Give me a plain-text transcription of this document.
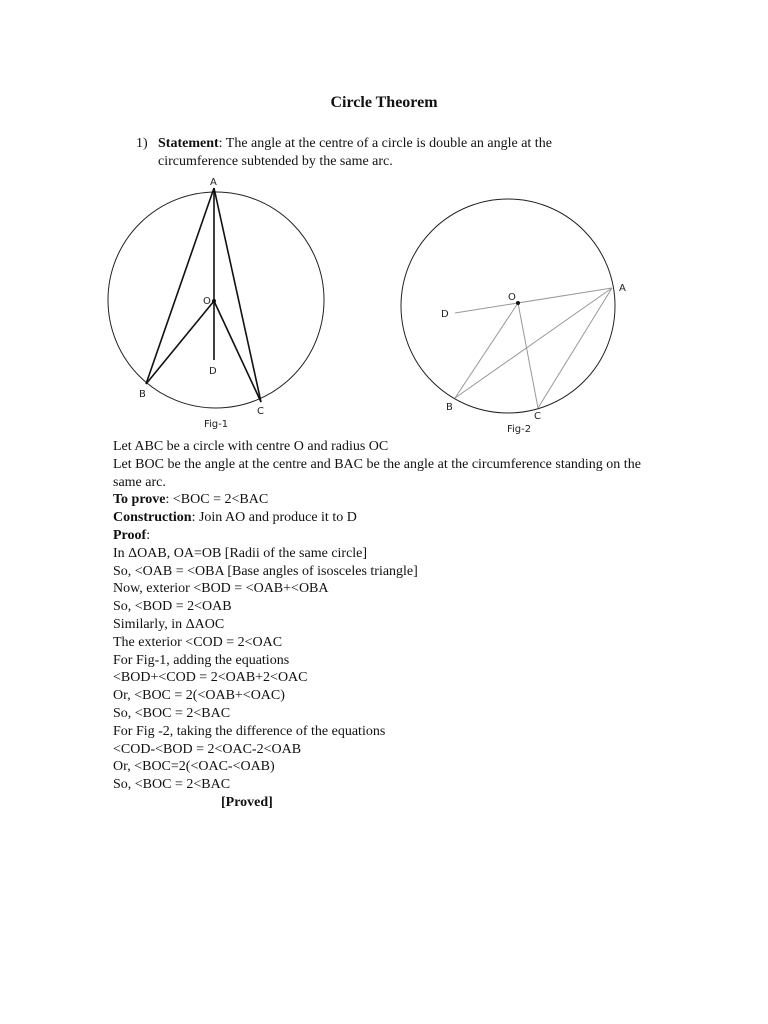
Circle Theorem
1) Statement: The angle at the centre of a circle is double an angle at the circumference subtended by the same arc.
A
O
D
B
C
Fig-1
A
O
D
B
C
Fig-2
Let ABC be a circle with centre O and radius OC
Let BOC be the angle at the centre and BAC be the angle at the circumference standing on the same arc.
To prove: <BOC = 2<BAC
Construction: Join AO and produce it to D
Proof:
In ΔOAB, OA=OB [Radii of the same circle]
So, <OAB = <OBA [Base angles of isosceles triangle]
Now, exterior <BOD = <OAB+<OBA
So, <BOD = 2<OAB
Similarly, in ΔAOC
The exterior <COD = 2<OAC
For Fig-1, adding the equations
<BOD+<COD = 2<OAB+2<OAC
Or, <BOC = 2(<OAB+<OAC)
So, <BOC = 2<BAC
For Fig -2, taking the difference of the equations
<COD-<BOD = 2<OAC-2<OAB
Or, <BOC=2(<OAC-<OAB)
So, <BOC = 2<BAC
[Proved]
